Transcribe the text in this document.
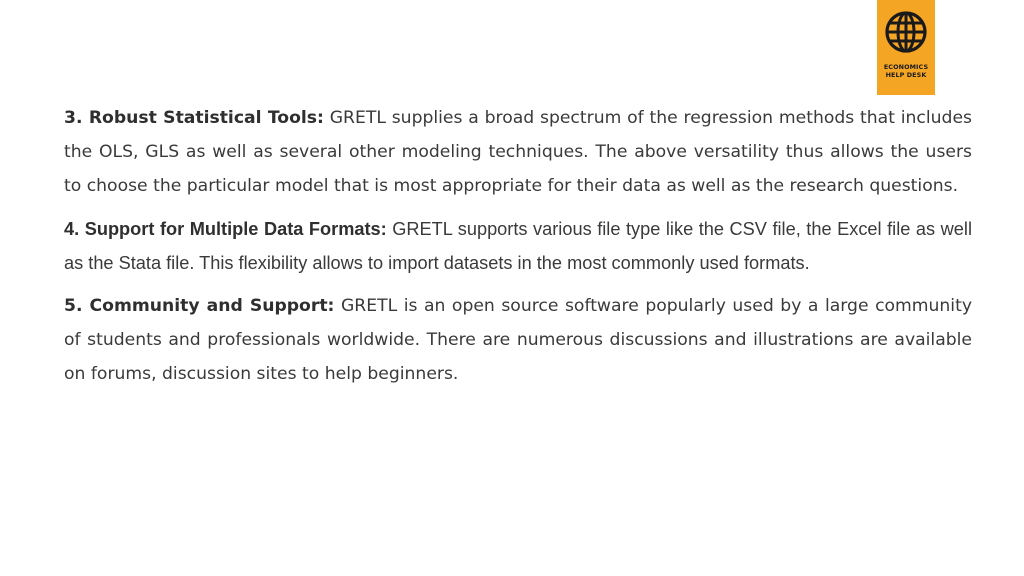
ECONOMICS
HELP DESK

3. Robust Statistical Tools: GRETL supplies a broad spectrum of the regression methods that includes the OLS, GLS as well as several other modeling techniques. The above versatility thus allows the users to choose the particular model that is most appropriate for their data as well as the research questions.

4. Support for Multiple Data Formats: GRETL supports various file type like the CSV file, the Excel file as well as the Stata file. This flexibility allows to import datasets in the most commonly used formats.

5. Community and Support: GRETL is an open source software popularly used by a large community of students and professionals worldwide. There are numerous discussions and illustrations are available on forums, discussion sites to help beginners.
